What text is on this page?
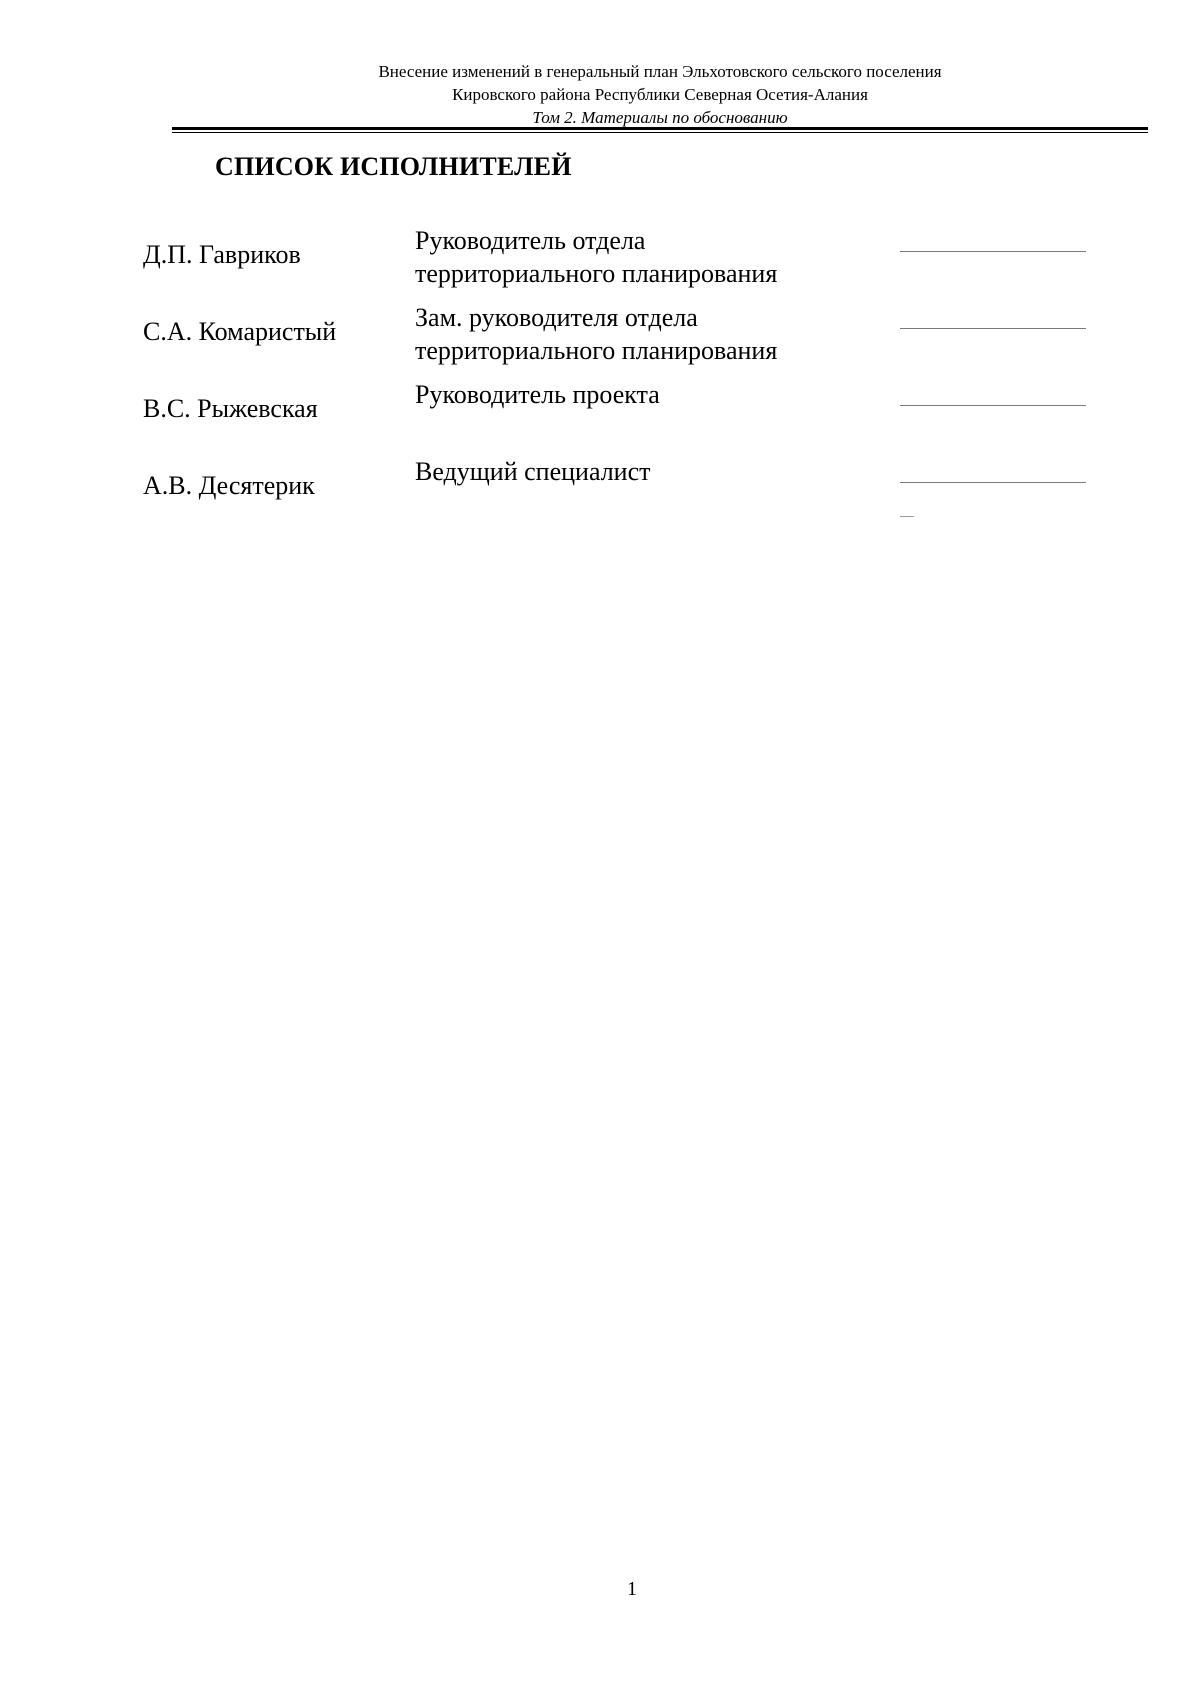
Внесение изменений в генеральный план Эльхотовского сельского поселения
Кировского района Республики Северная Осетия-Алания
Том 2. Материалы по обоснованию
СПИСОК ИСПОЛНИТЕЛЕЙ
Д.П. Гавриков	Руководитель отдела
территориального планирования
С.А. Комаристый	Зам. руководителя отдела
территориального планирования
В.С. Рыжевская	Руководитель проекта
А.В. Десятерик	Ведущий специалист
1
